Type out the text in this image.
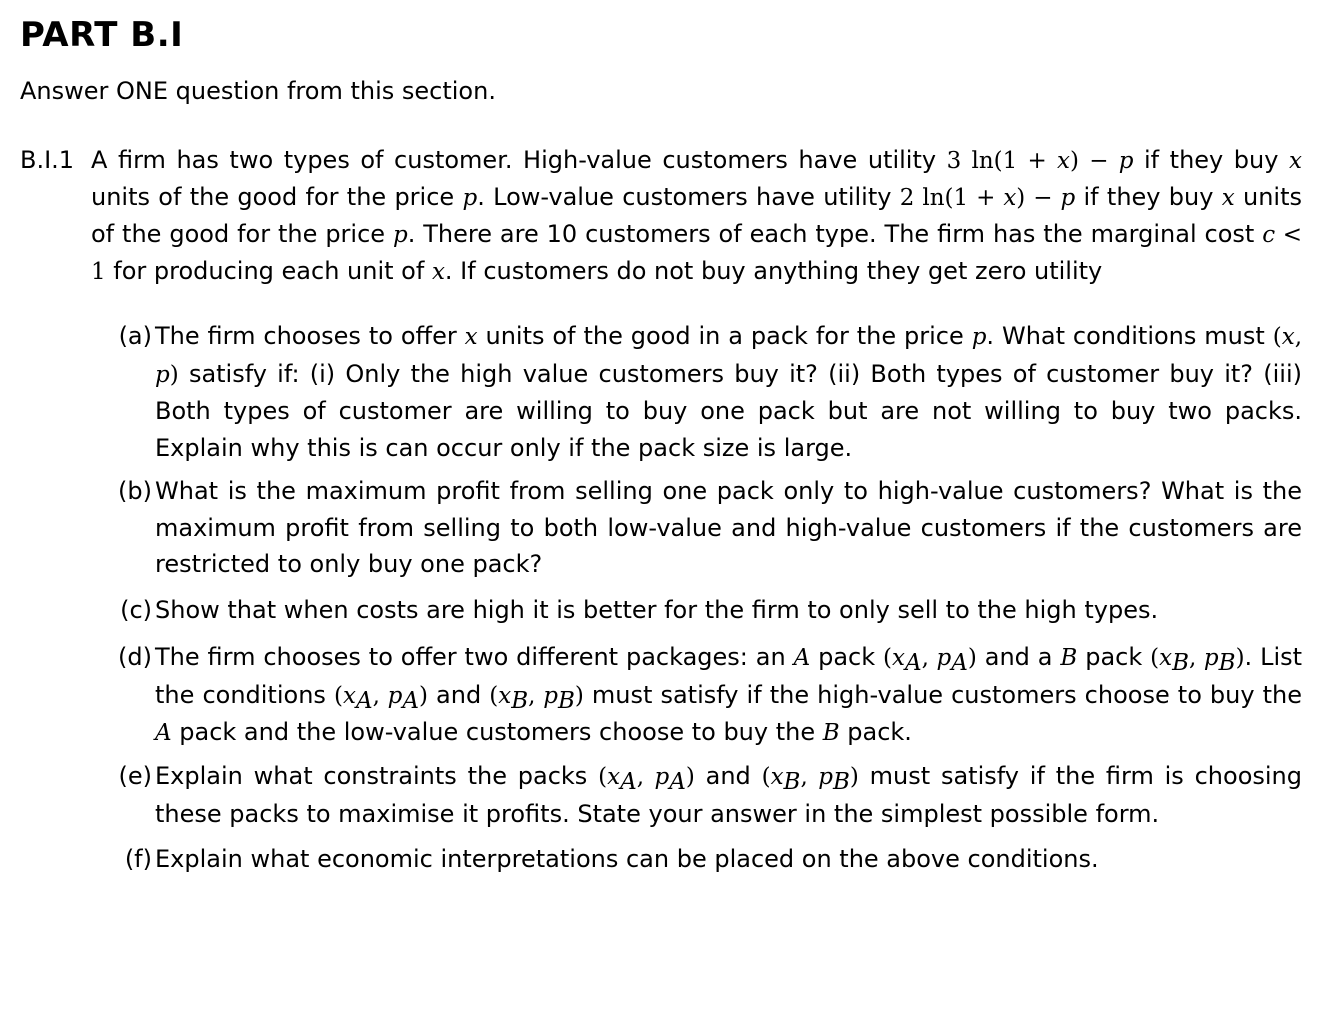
PART B.I
Answer ONE question from this section.
B.I.1 A firm has two types of customer. High-value customers have utility 3 ln(1 + x) − p if they buy x units of the good for the price p. Low-value customers have utility 2 ln(1 + x) − p if they buy x units of the good for the price p. There are 10 customers of each type. The firm has the marginal cost c < 1 for producing each unit of x. If customers do not buy anything they get zero utility
(a) The firm chooses to offer x units of the good in a pack for the price p. What conditions must (x, p) satisfy if: (i) Only the high value customers buy it? (ii) Both types of customer buy it? (iii) Both types of customer are willing to buy one pack but are not willing to buy two packs. Explain why this is can occur only if the pack size is large.
(b) What is the maximum profit from selling one pack only to high-value customers? What is the maximum profit from selling to both low-value and high-value customers if the customers are restricted to only buy one pack?
(c) Show that when costs are high it is better for the firm to only sell to the high types.
(d) The firm chooses to offer two different packages: an A pack ($x_A$, $p_A$) and a B pack ($x_B$, $p_B$). List the conditions ($x_A$, $p_A$) and ($x_B$, $p_B$) must satisfy if the high-value customers choose to buy the A pack and the low-value customers choose to buy the B pack.
(e) Explain what constraints the packs ($x_A$, $p_A$) and ($x_B$, $p_B$) must satisfy if the firm is choosing these packs to maximise it profits. State your answer in the simplest possible form.
(f) Explain what economic interpretations can be placed on the above conditions.
